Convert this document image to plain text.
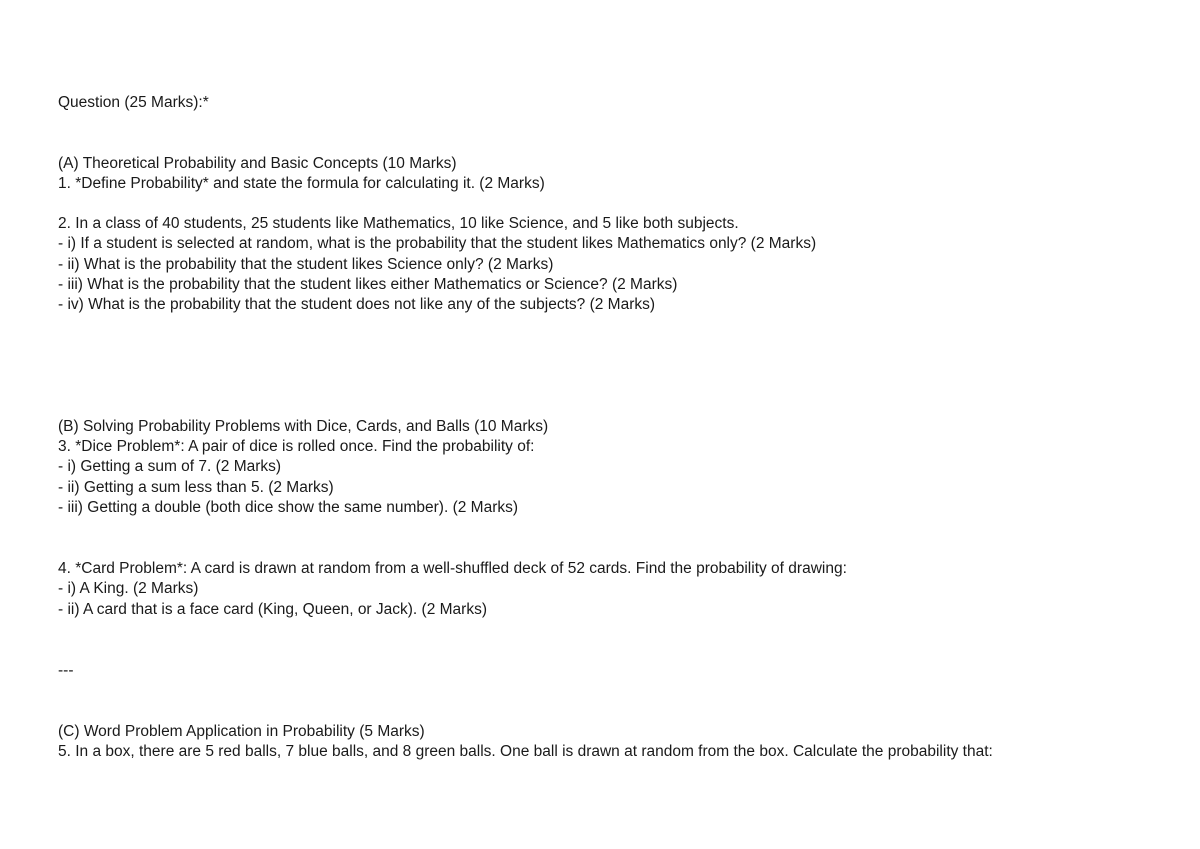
Question (25 Marks):*
(A) Theoretical Probability and Basic Concepts (10 Marks)
1. *Define Probability* and state the formula for calculating it. (2 Marks)
2. In a class of 40 students, 25 students like Mathematics, 10 like Science, and 5 like both subjects.
- i) If a student is selected at random, what is the probability that the student likes Mathematics only? (2 Marks)
- ii) What is the probability that the student likes Science only? (2 Marks)
- iii) What is the probability that the student likes either Mathematics or Science? (2 Marks)
- iv) What is the probability that the student does not like any of the subjects? (2 Marks)
(B) Solving Probability Problems with Dice, Cards, and Balls (10 Marks)
3. *Dice Problem*: A pair of dice is rolled once. Find the probability of:
- i) Getting a sum of 7. (2 Marks)
- ii) Getting a sum less than 5. (2 Marks)
- iii) Getting a double (both dice show the same number). (2 Marks)
4. *Card Problem*: A card is drawn at random from a well-shuffled deck of 52 cards. Find the probability of drawing:
- i) A King. (2 Marks)
- ii) A card that is a face card (King, Queen, or Jack). (2 Marks)
---
(C) Word Problem Application in Probability (5 Marks)
5. In a box, there are 5 red balls, 7 blue balls, and 8 green balls. One ball is drawn at random from the box. Calculate the probability that:
